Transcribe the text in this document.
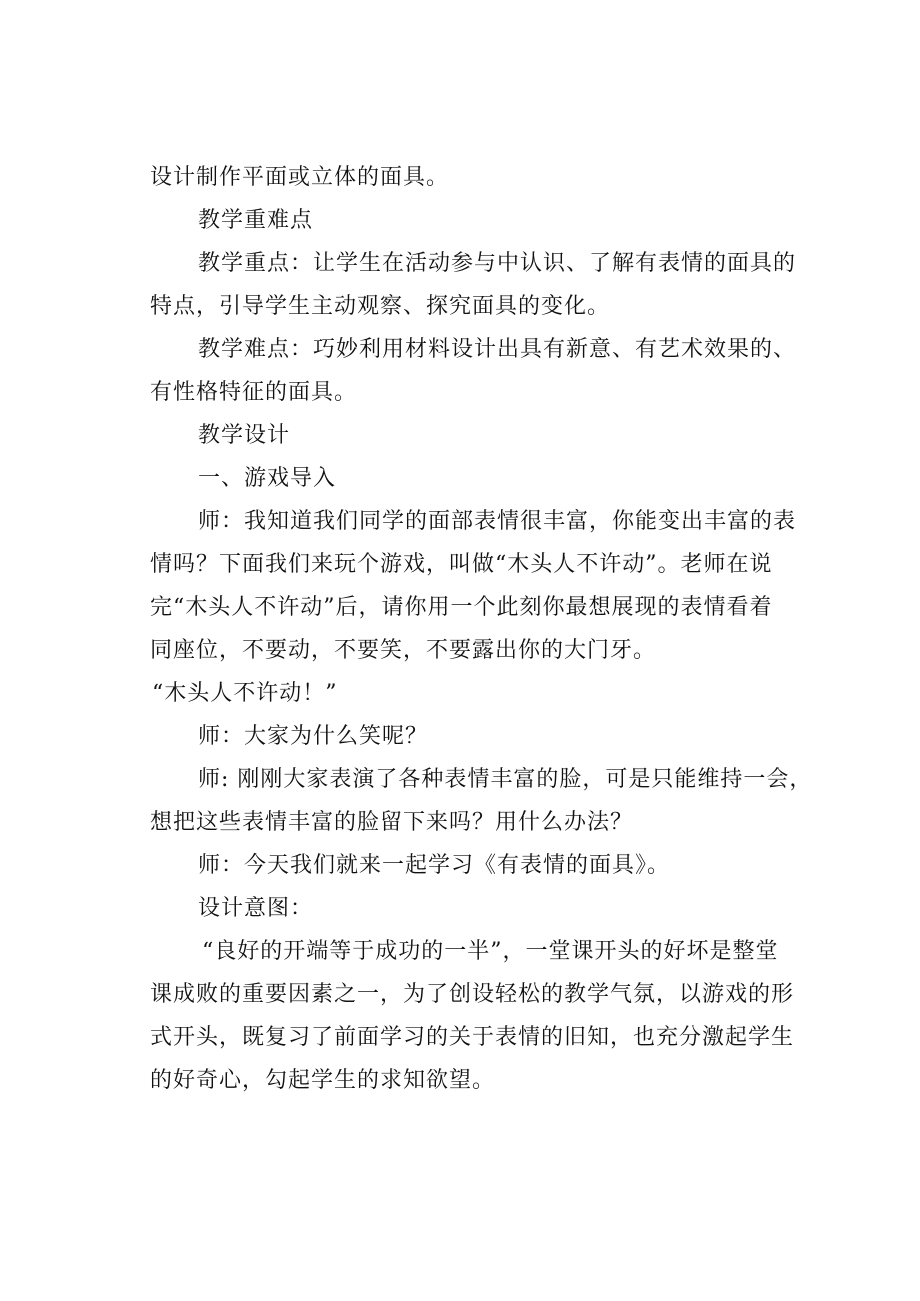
设计制作平面或立体的面具。
教学重难点
教学重点：让学生在活动参与中认识、了解有表情的面具的
特点，引导学生主动观察、探究面具的变化。
教学难点：巧妙利用材料设计出具有新意、有艺术效果的、
有性格特征的面具。
教学设计
一、游戏导入
师：我知道我们同学的面部表情很丰富，你能变出丰富的表
情吗？下面我们来玩个游戏，叫做“木头人不许动”。老师在说
完“木头人不许动”后，请你用一个此刻你最想展现的表情看着
同座位，不要动，不要笑，不要露出你的大门牙。
“木头人不许动！”
师：大家为什么笑呢？
师: 刚刚大家表演了各种表情丰富的脸，可是只能维持一会，
想把这些表情丰富的脸留下来吗？用什么办法？
师：今天我们就来一起学习《有表情的面具》。
设计意图：
“良好的开端等于成功的一半”，一堂课开头的好坏是整堂
课成败的重要因素之一，为了创设轻松的教学气氛，以游戏的形
式开头，既复习了前面学习的关于表情的旧知，也充分激起学生
的好奇心，勾起学生的求知欲望。
